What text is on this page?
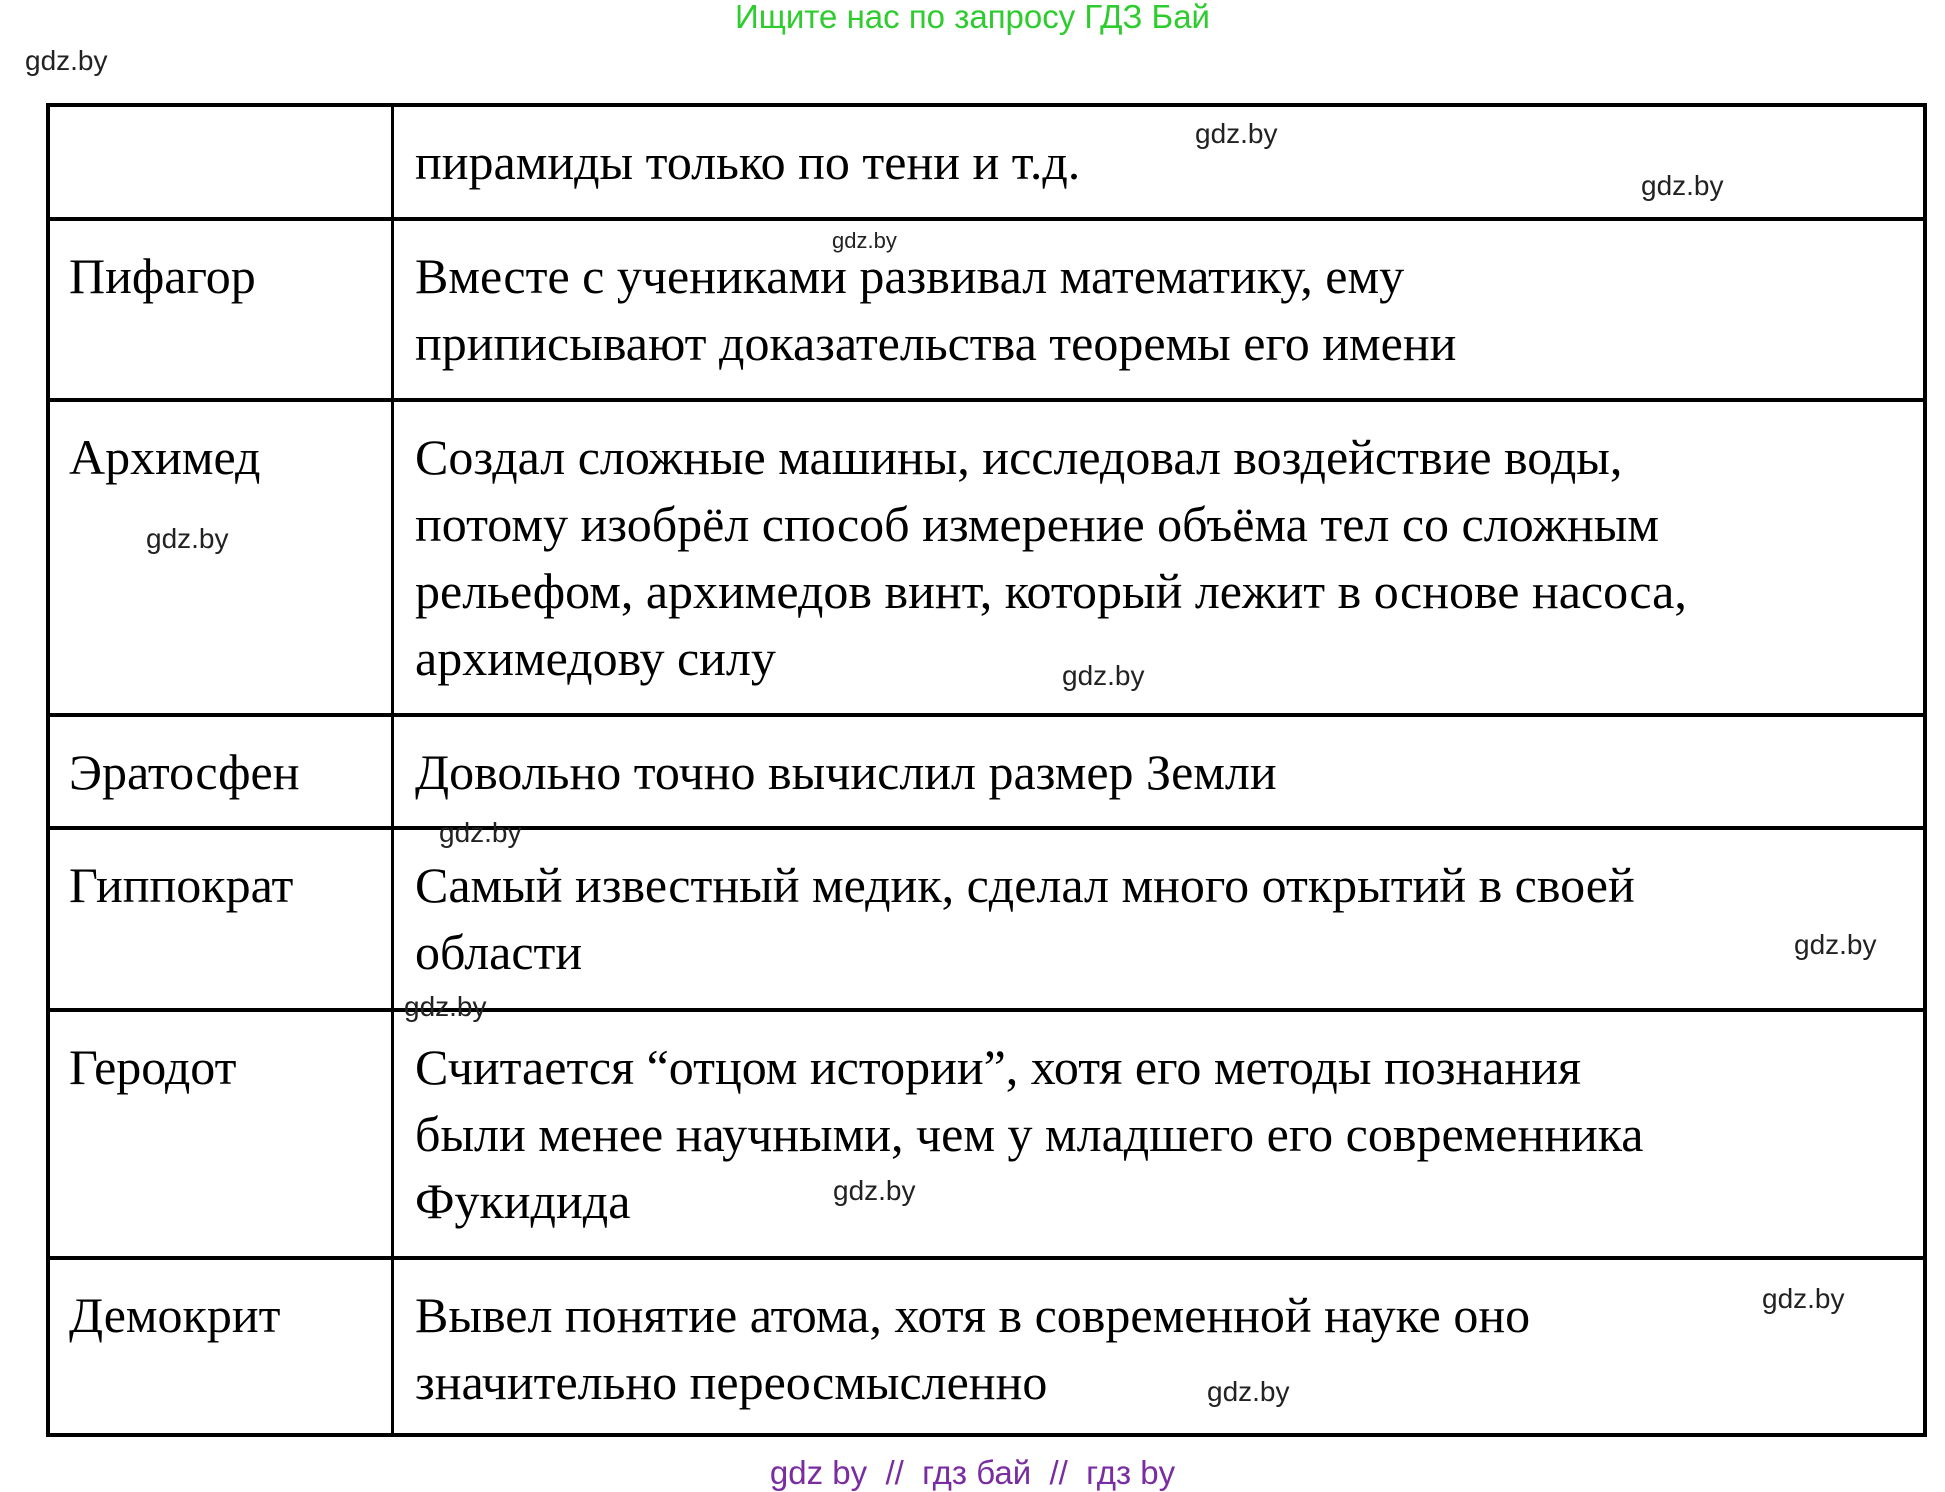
Ищите нас по запросу ГДЗ Бай
пирамиды только по тени и т.д.
Пифагор	Вместе с учениками развивал математику, ему
приписывают доказательства теоремы его имени
Архимед	Создал сложные машины, исследовал воздействие воды,
потому изобрёл способ измерение объёма тел со сложным
рельефом, архимедов винт, который лежит в основе насоса,
архимедову силу
Эратосфен	Довольно точно вычислил размер Земли
Гиппократ	Самый известный медик, сделал много открытий в своей
области
Геродот	Считается “отцом истории”, хотя его методы познания
были менее научными, чем у младшего его современника
Фукидида
Демокрит	Вывел понятие атома, хотя в современной науке оно
значительно переосмысленно
gdz.by
gdz.by
gdz.by
gdz.by
gdz.by
gdz.by
gdz.by
gdz.by
gdz.by
gdz.by
gdz.by
gdz.by
gdz by  //  гдз бай  //  гдз by
